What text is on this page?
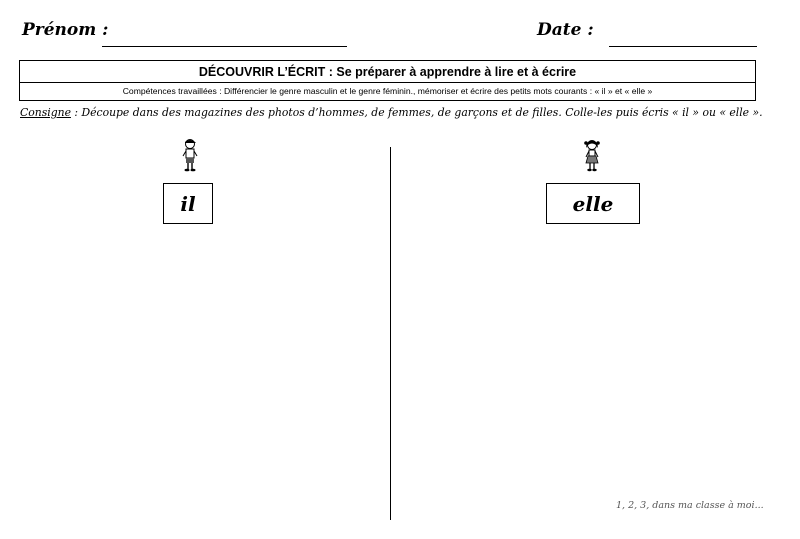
Prénom :	Date :
DÉCOUVRIR L’ÉCRIT : Se préparer à apprendre à lire et à écrire
Compétences travaillées : Différencier le genre masculin et le genre féminin., mémoriser et écrire des petits mots courants : « il » et « elle »
Consigne : Découpe dans des magazines des photos d’hommes, de femmes, de garçons et de filles. Colle-les puis écris « il » ou « elle ».
il	elle
1, 2, 3, dans ma classe à moi...
